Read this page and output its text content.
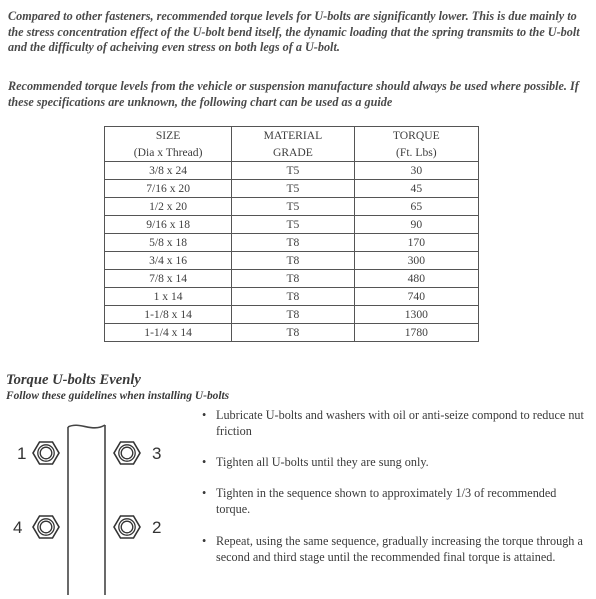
Compared to other fasteners, recommended torque levels for U-bolts are significantly lower. This is due mainly to the stress concentration effect of the U-bolt bend itself, the dynamic loading that the spring transmits to the U-bolt and the difficulty of acheiving even stress on both legs of a U-bolt.

Recommended torque levels from the vehicle or suspension manufacture should always be used where possible. If these specifications are unknown, the following chart can be used as a guide

SIZE	MATERIAL	TORQUE
(Dia x Thread)	GRADE	(Ft. Lbs)
3/8 x 24	T5	30
7/16 x 20	T5	45
1/2 x 20	T5	65
9/16 x 18	T5	90
5/8 x 18	T8	170
3/4 x 16	T8	300
7/8 x 14	T8	480
1 x 14	T8	740
1-1/8 x 14	T8	1300
1-1/4 x 14	T8	1780

Torque U-bolts Evenly

Follow these guidelines when installing U-bolts

1	3
4	2
• Lubricate U-bolts and washers with oil or anti-seize compond to reduce nut friction
• Tighten all U-bolts until they are sung only.
• Tighten in the sequence shown to approximately 1/3 of recommended torque.
• Repeat, using the same sequence, gradually increasing the torque through a second and third stage until the recommended final torque is attained.
